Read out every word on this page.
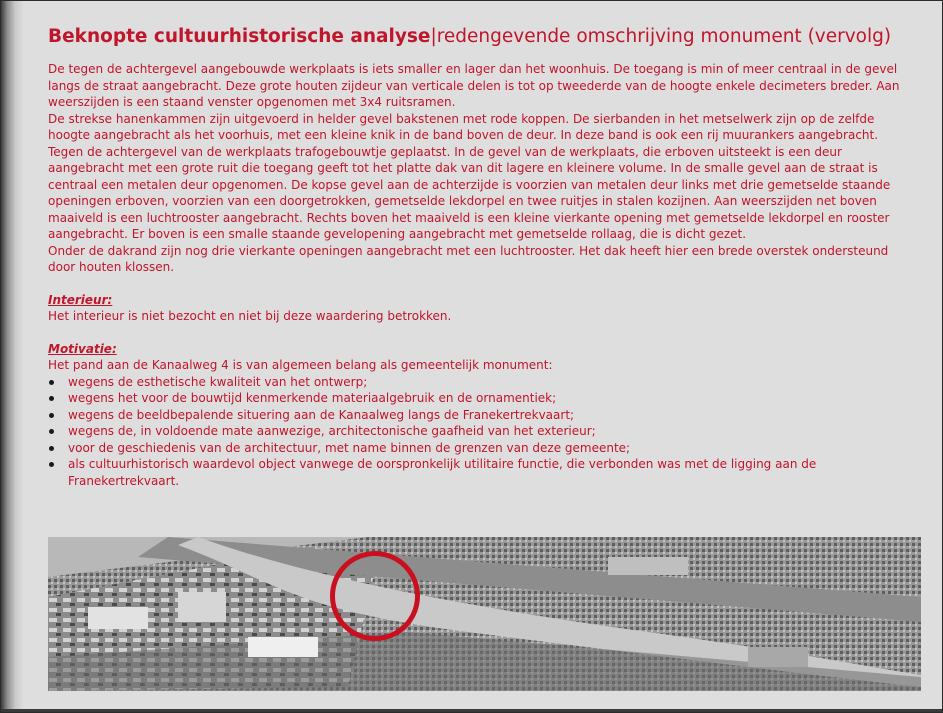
Beknopte cultuurhistorische analyse|redengevende omschrijving monument (vervolg)

De tegen de achtergevel aangebouwde werkplaats is iets smaller en lager dan het woonhuis. De toegang is min of meer centraal in de gevel langs de straat aangebracht. Deze grote houten zijdeur van verticale delen is tot op tweederde van de hoogte enkele decimeters breder. Aan weerszijden is een staand venster opgenomen met 3x4 ruitsramen.

De strekse hanenkammen zijn uitgevoerd in helder gevel bakstenen met rode koppen. De sierbanden in het metselwerk zijn op de zelfde hoogte aangebracht als het voorhuis, met een kleine knik in de band boven de deur. In deze band is ook een rij muurankers aangebracht.

Tegen de achtergevel van de werkplaats trafogebouwtje geplaatst. In de gevel van de werkplaats, die erboven uitsteekt is een deur aangebracht met een grote ruit die toegang geeft tot het platte dak van dit lagere en kleinere volume. In de smalle gevel aan de straat is centraal een metalen deur opgenomen. De kopse gevel aan de achterzijde is voorzien van metalen deur links met drie gemetselde staande openingen erboven, voorzien van een doorgetrokken, gemetselde lekdorpel en twee ruitjes in stalen kozijnen. Aan weerszijden net boven maaiveld is een luchtrooster aangebracht. Rechts boven het maaiveld is een kleine vierkante opening met gemetselde lekdorpel en rooster aangebracht. Er boven is een smalle staande gevelopening aangebracht met gemetselde rollaag, die is dicht gezet.

Onder de dakrand zijn nog drie vierkante openingen aangebracht met een luchtrooster. Het dak heeft hier een brede overstek ondersteund door houten klossen.

Interieur:

Het interieur is niet bezocht en niet bij deze waardering betrokken.

Motivatie:

Het pand aan de Kanaalweg 4 is van algemeen belang als gemeentelijk monument:

wegens de esthetische kwaliteit van het ontwerp;
wegens het voor de bouwtijd kenmerkende materiaalgebruik en de ornamentiek;
wegens de beeldbepalende situering aan de Kanaalweg langs de Franekertrekvaart;
wegens de, in voldoende mate aanwezige, architectonische gaafheid van het exterieur;
voor de geschiedenis van de architectuur, met name binnen de grenzen van deze gemeente;
als cultuurhistorisch waardevol object vanwege de oorspronkelijk utilitaire functie, die verbonden was met de ligging aan de Franekertrekvaart.
